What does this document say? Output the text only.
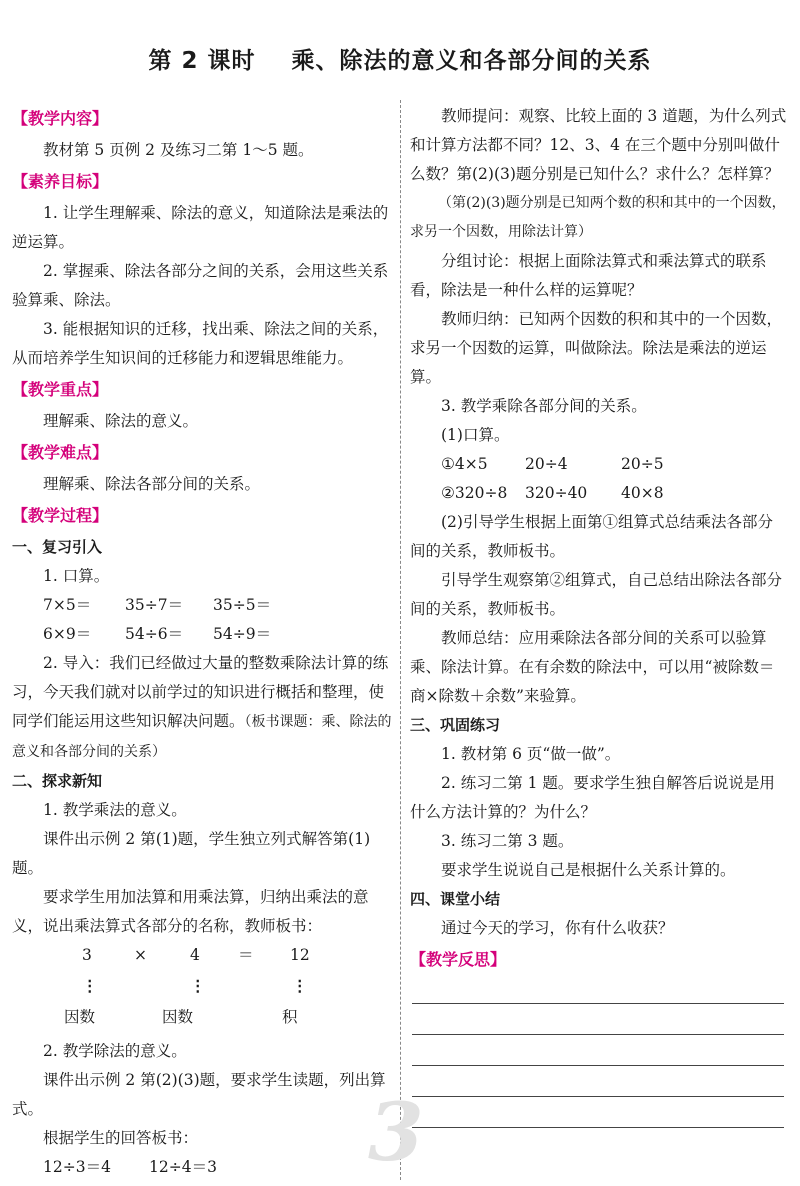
第 2 课时 乘、除法的意义和各部分间的关系
【教学内容】

教材第 5 页例 2 及练习二第 1～5 题。

【素养目标】

1. 让学生理解乘、除法的意义，知道除法是乘法的逆运算。

2. 掌握乘、除法各部分之间的关系，会用这些关系验算乘、除法。

3. 能根据知识的迁移，找出乘、除法之间的关系，从而培养学生知识间的迁移能力和逻辑思维能力。

【教学重点】

理解乘、除法的意义。

【教学难点】

理解乘、除法各部分间的关系。

【教学过程】
一、复习引入

1. 口算。

7×5＝	35÷7＝	35÷5＝
6×9＝	54÷6＝	54÷9＝

2. 导入：我们已经做过大量的整数乘除法计算的练习，今天我们就对以前学过的知识进行概括和整理，使同学们能运用这些知识解决问题。（板书课题：乘、除法的意义和各部分间的关系）

二、探求新知

1. 教学乘法的意义。

课件出示例 2 第(1)题，学生独立列式解答第(1)题。

要求学生用加法算和用乘法算，归纳出乘法的意义，说出乘法算式各部分的名称，教师板书：

3	×	4 ＝ 12
⋮	⋮	⋮
因数	因数	积

2. 教学除法的意义。

课件出示例 2 第(2)(3)题，要求学生读题，列出算式。

根据学生的回答板书：

12÷3＝4	12÷4＝3

教师提问：观察、比较上面的 3 道题，为什么列式和计算方法都不同？12、3、4 在三个题中分别叫做什么数？第(2)(3)题分别是已知什么？求什么？怎样算？

（第(2)(3)题分别是已知两个数的积和其中的一个因数，求另一个因数，用除法计算）

分组讨论：根据上面除法算式和乘法算式的联系看，除法是一种什么样的运算呢？

教师归纳：已知两个因数的积和其中的一个因数，求另一个因数的运算，叫做除法。除法是乘法的逆运算。

3. 教学乘除各部分间的关系。

(1)口算。

①4×5	20÷4	20÷5
②320÷8	320÷40	40×8

(2)引导学生根据上面第①组算式总结乘法各部分间的关系，教师板书。

引导学生观察第②组算式，自己总结出除法各部分间的关系，教师板书。

教师总结：应用乘除法各部分间的关系可以验算乘、除法计算。在有余数的除法中，可以用“被除数＝商×除数＋余数”来验算。

三、巩固练习

1. 教材第 6 页“做一做”。

2. 练习二第 1 题。要求学生独自解答后说说是用什么方法计算的？为什么？

3. 练习二第 3 题。

要求学生说说自己是根据什么关系计算的。

四、课堂小结

通过今天的学习，你有什么收获？

【教学反思】
3
